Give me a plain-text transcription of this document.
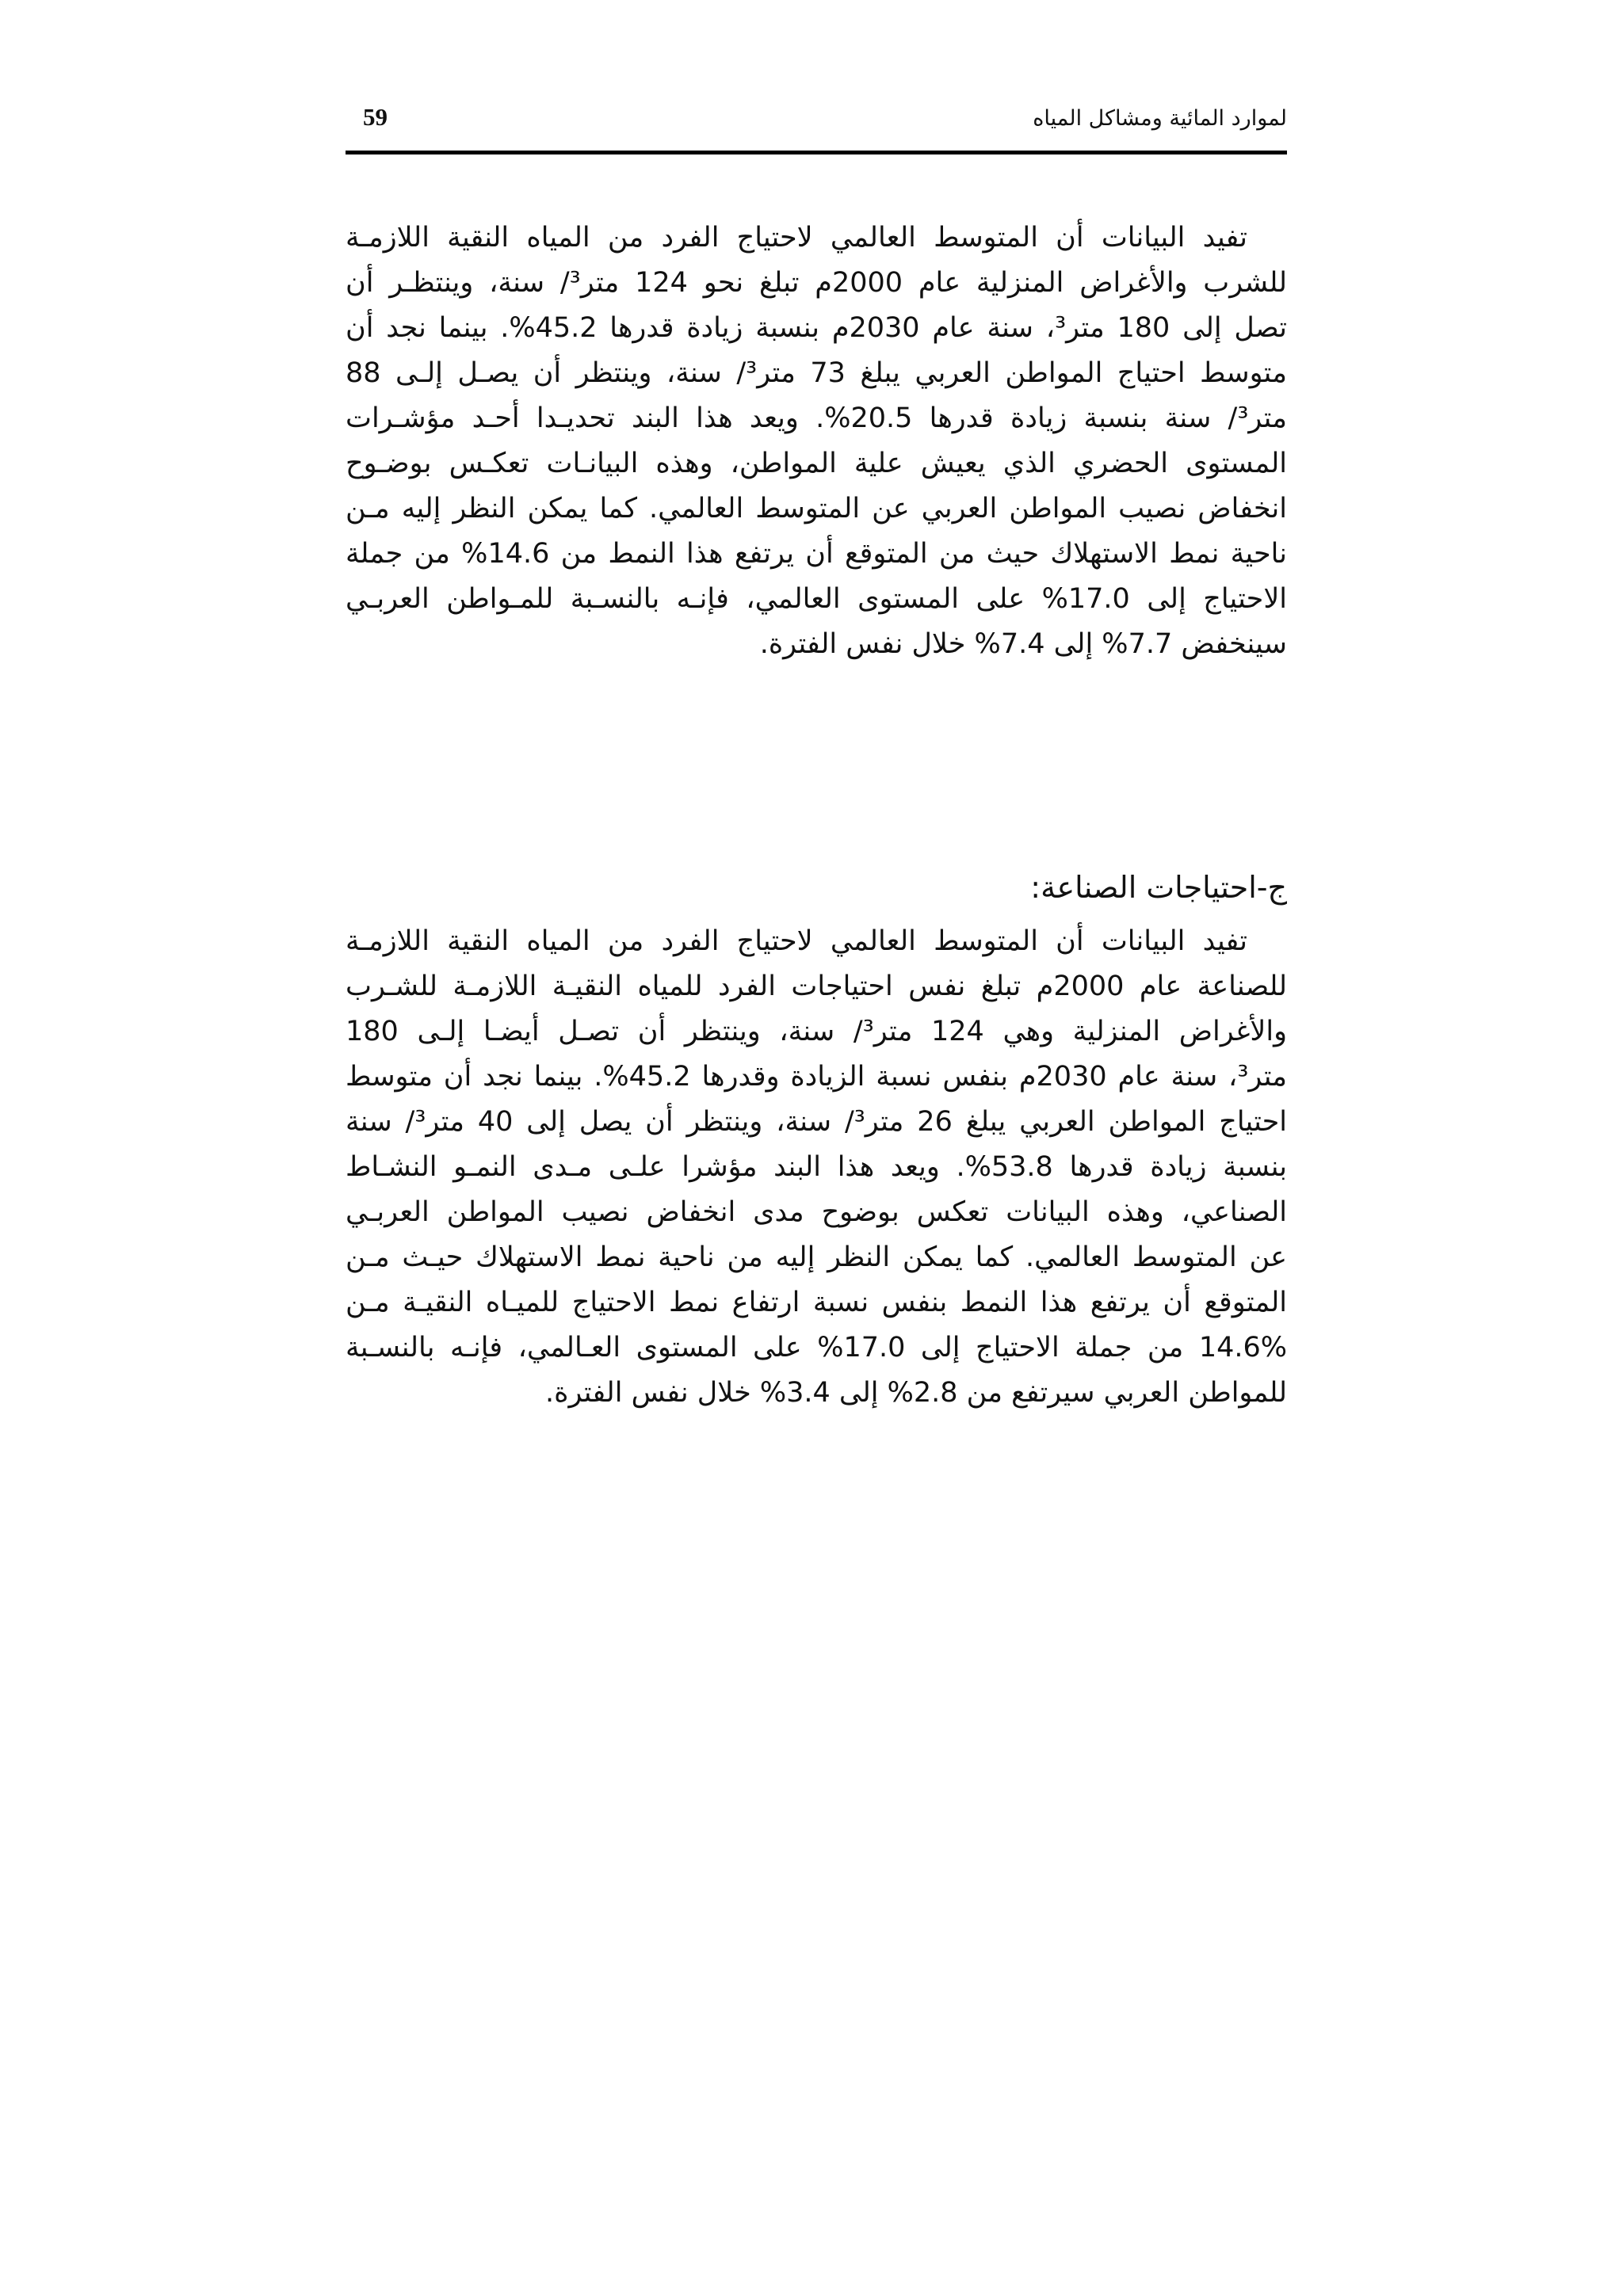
لموارد المائية ومشاكل المياه
59
تفيد البيانات أن المتوسط العالمي لاحتياج الفرد من المياه النقية اللازمـة
للشرب والأغراض المنزلية عام 2000م تبلغ نحو 124 متر³/ سنة، وينتظـر أن
تصل إلى 180 متر³، سنة عام 2030م بنسبة زيادة قدرها 45.2%. بينما نجد أن
متوسط احتياج المواطن العربي يبلغ 73 متر³/ سنة، وينتظر أن يصـل إلـى 88
متر³/ سنة بنسبة زيادة قدرها 20.5%. ويعد هذا البند تحديـدا أحـد مؤشـرات
المستوى الحضري الذي يعيش علية المواطن، وهذه البيانـات تعكـس بوضـوح
انخفاض نصيب المواطن العربي عن المتوسط العالمي. كما يمكن النظر إليه مـن
ناحية نمط الاستهلاك حيث من المتوقع أن يرتفع هذا النمط من 14.6% من جملة
الاحتياج إلى 17.0% على المستوى العالمي، فإنـه بالنسـبة للمـواطن العربـي
سينخفض 7.7% إلى 7.4% خلال نفس الفترة.
ج-احتياجات الصناعة:
تفيد البيانات أن المتوسط العالمي لاحتياج الفرد من المياه النقية اللازمـة
للصناعة عام 2000م تبلغ نفس احتياجات الفرد للمياه النقيـة اللازمـة للشـرب
والأغراض المنزلية وهي 124 متر³/ سنة، وينتظر أن تصـل أيضـا إلـى 180
متر³، سنة عام 2030م بنفس نسبة الزيادة وقدرها 45.2%. بينما نجد أن متوسط
احتياج المواطن العربي يبلغ 26 متر³/ سنة، وينتظر أن يصل إلى 40 متر³/ سنة
بنسبة زيادة قدرها 53.8%. ويعد هذا البند مؤشرا علـى مـدى النمـو النشـاط
الصناعي، وهذه البيانات تعكس بوضوح مدى انخفاض نصيب المواطن العربـي
عن المتوسط العالمي. كما يمكن النظر إليه من ناحية نمط الاستهلاك حيـث مـن
المتوقع أن يرتفع هذا النمط بنفس نسبة ارتفاع نمط الاحتياج للميـاه النقيـة مـن
14.6% من جملة الاحتياج إلى 17.0% على المستوى العـالمي، فإنـه بالنسـبة
للمواطن العربي سيرتفع من 2.8% إلى 3.4% خلال نفس الفترة.
